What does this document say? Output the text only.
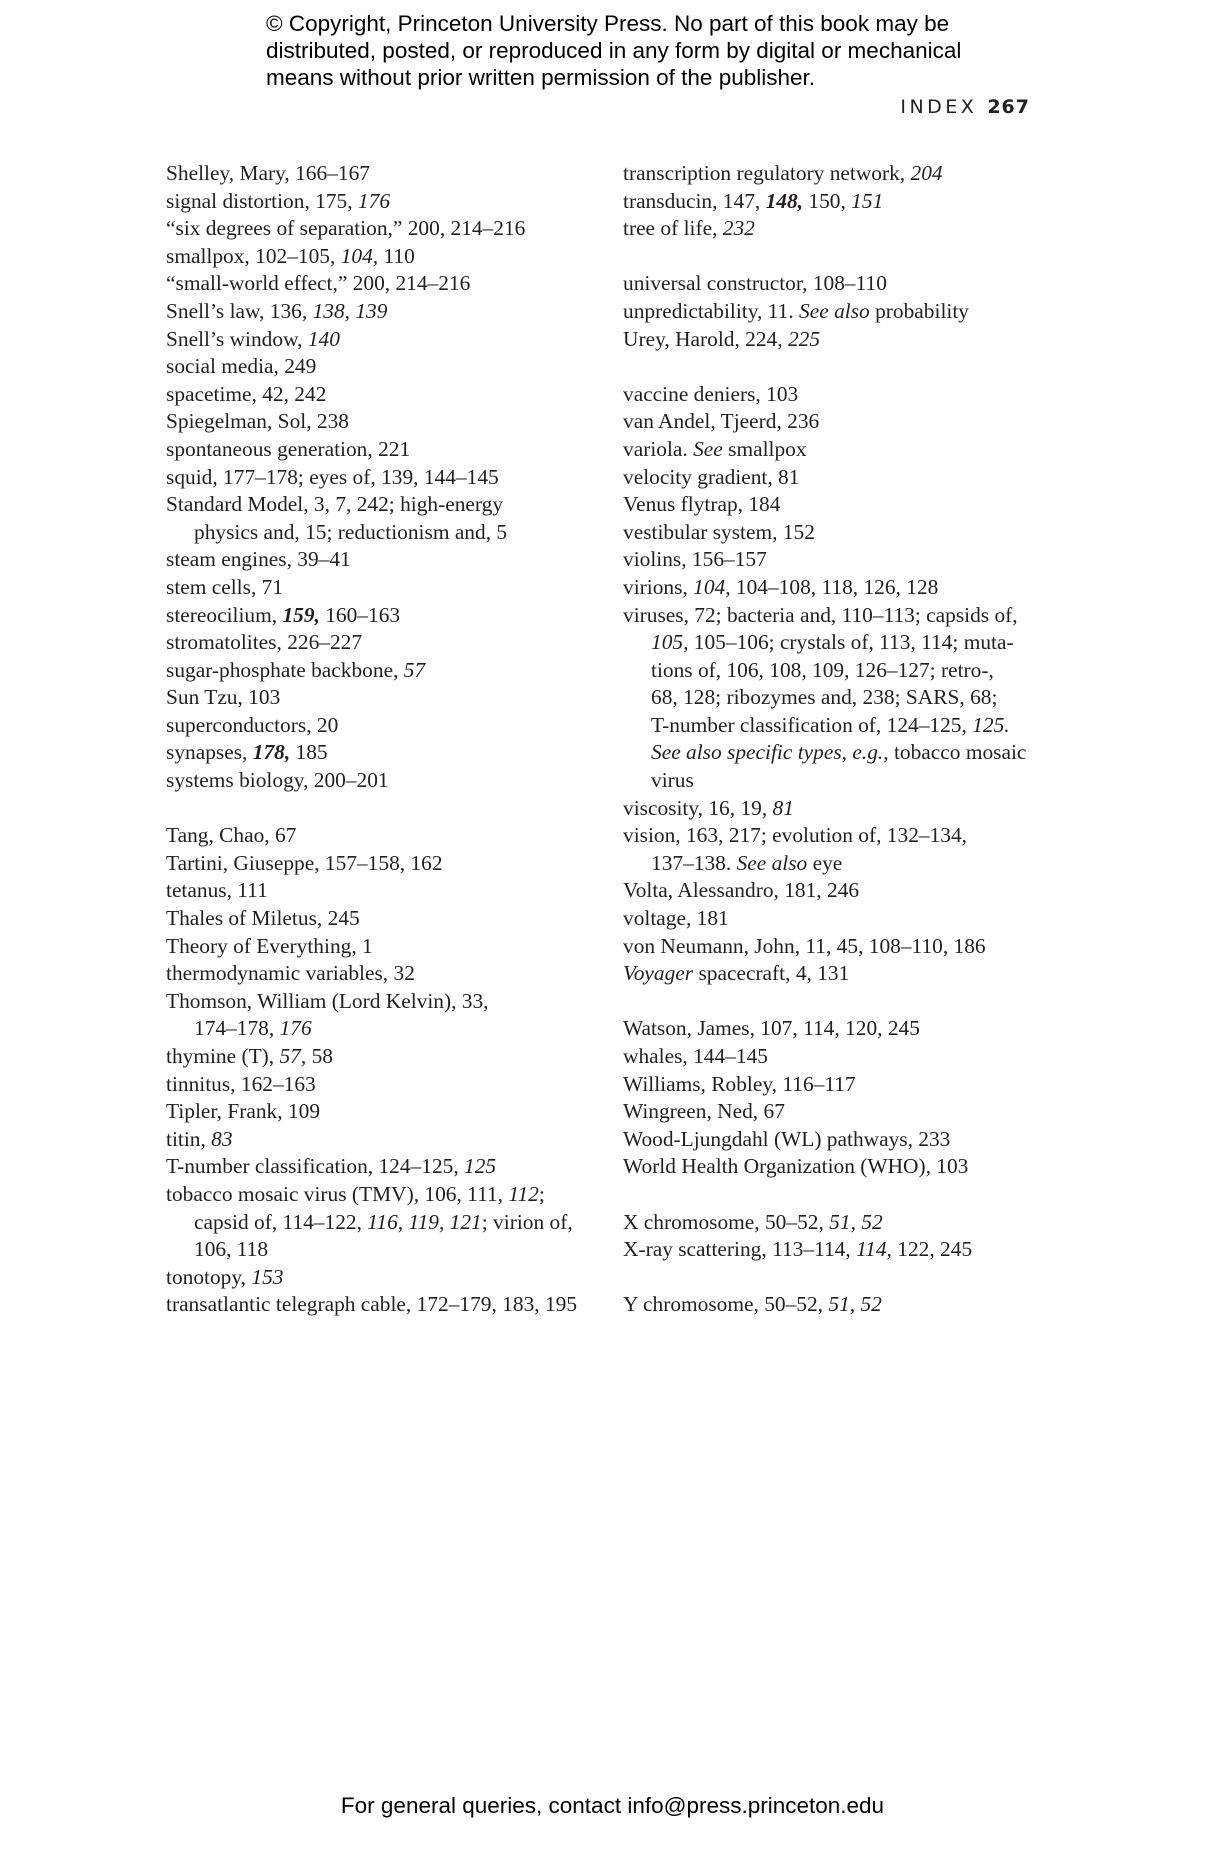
© Copyright, Princeton University Press. No part of this book may be
distributed, posted, or reproduced in any form by digital or mechanical
means without prior written permission of the publisher.
INDEX 267
Shelley, Mary, 166–167
signal distortion, 175, 176
“six degrees of separation,” 200, 214–216
smallpox, 102–105, 104, 110
“small-world effect,” 200, 214–216
Snell’s law, 136, 138, 139
Snell’s window, 140
social media, 249
spacetime, 42, 242
Spiegelman, Sol, 238
spontaneous generation, 221
squid, 177–178; eyes of, 139, 144–145
Standard Model, 3, 7, 242; high-energy
physics and, 15; reductionism and, 5
steam engines, 39–41
stem cells, 71
stereocilium, 159, 160–163
stromatolites, 226–227
sugar-phosphate backbone, 57
Sun Tzu, 103
superconductors, 20
synapses, 178, 185
systems biology, 200–201
Tang, Chao, 67
Tartini, Giuseppe, 157–158, 162
tetanus, 111
Thales of Miletus, 245
Theory of Everything, 1
thermodynamic variables, 32
Thomson, William (Lord Kelvin), 33,
174–178, 176
thymine (T), 57, 58
tinnitus, 162–163
Tipler, Frank, 109
titin, 83
T-number classification, 124–125, 125
tobacco mosaic virus (TMV), 106, 111, 112;
capsid of, 114–122, 116, 119, 121; virion of,
106, 118
tonotopy, 153
transatlantic telegraph cable, 172–179, 183, 195
transcription regulatory network, 204
transducin, 147, 148, 150, 151
tree of life, 232
universal constructor, 108–110
unpredictability, 11. See also probability
Urey, Harold, 224, 225
vaccine deniers, 103
van Andel, Tjeerd, 236
variola. See smallpox
velocity gradient, 81
Venus flytrap, 184
vestibular system, 152
violins, 156–157
virions, 104, 104–108, 118, 126, 128
viruses, 72; bacteria and, 110–113; capsids of,
105, 105–106; crystals of, 113, 114; muta-
tions of, 106, 108, 109, 126–127; retro-,
68, 128; ribozymes and, 238; SARS, 68;
T-number classification of, 124–125, 125.
See also specific types, e.g., tobacco mosaic
virus
viscosity, 16, 19, 81
vision, 163, 217; evolution of, 132–134,
137–138. See also eye
Volta, Alessandro, 181, 246
voltage, 181
von Neumann, John, 11, 45, 108–110, 186
Voyager spacecraft, 4, 131
Watson, James, 107, 114, 120, 245
whales, 144–145
Williams, Robley, 116–117
Wingreen, Ned, 67
Wood-Ljungdahl (WL) pathways, 233
World Health Organization (WHO), 103
X chromosome, 50–52, 51, 52
X-ray scattering, 113–114, 114, 122, 245
Y chromosome, 50–52, 51, 52
For general queries, contact info@press.princeton.edu
